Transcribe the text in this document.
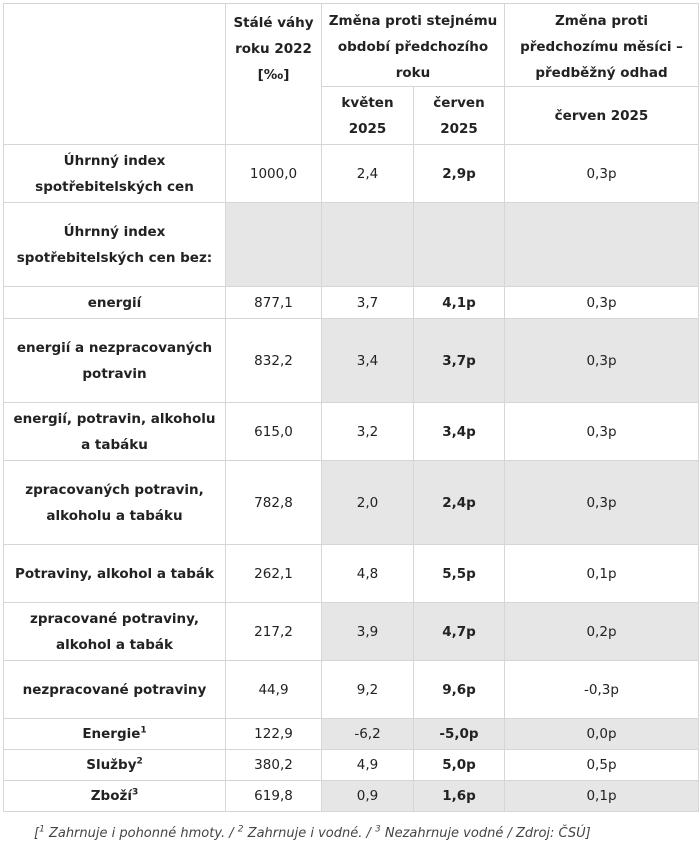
	Stálé váhy roku 2022 [‰]	Změna proti stejnému období předchozího roku		Změna proti předchozímu měsíci – předběžný odhad
		květen 2025	červen 2025	červen 2025
Úhrnný index spotřebitelských cen	1000,0	2,4	2,9p	0,3p
Úhrnný index spotřebitelských cen bez:				
energií	877,1	3,7	4,1p	0,3p
energií a nezpracovaných potravin	832,2	3,4	3,7p	0,3p
energií, potravin, alkoholu a tabáku	615,0	3,2	3,4p	0,3p
zpracovaných potravin, alkoholu a tabáku	782,8	2,0	2,4p	0,3p
Potraviny, alkohol a tabák	262,1	4,8	5,5p	0,1p
zpracované potraviny, alkohol a tabák	217,2	3,9	4,7p	0,2p
nezpracované potraviny	44,9	9,2	9,6p	-0,3p
Energie$^1$	122,9	-6,2	-5,0p	0,0p
Služby$^2$	380,2	4,9	5,0p	0,5p
Zboží$^3$	619,8	0,9	1,6p	0,1p
[$^1$ Zahrnuje i pohonné hmoty. / $^2$ Zahrnuje i vodné. / $^3$ Nezahrnuje vodné / Zdroj: ČSÚ]
